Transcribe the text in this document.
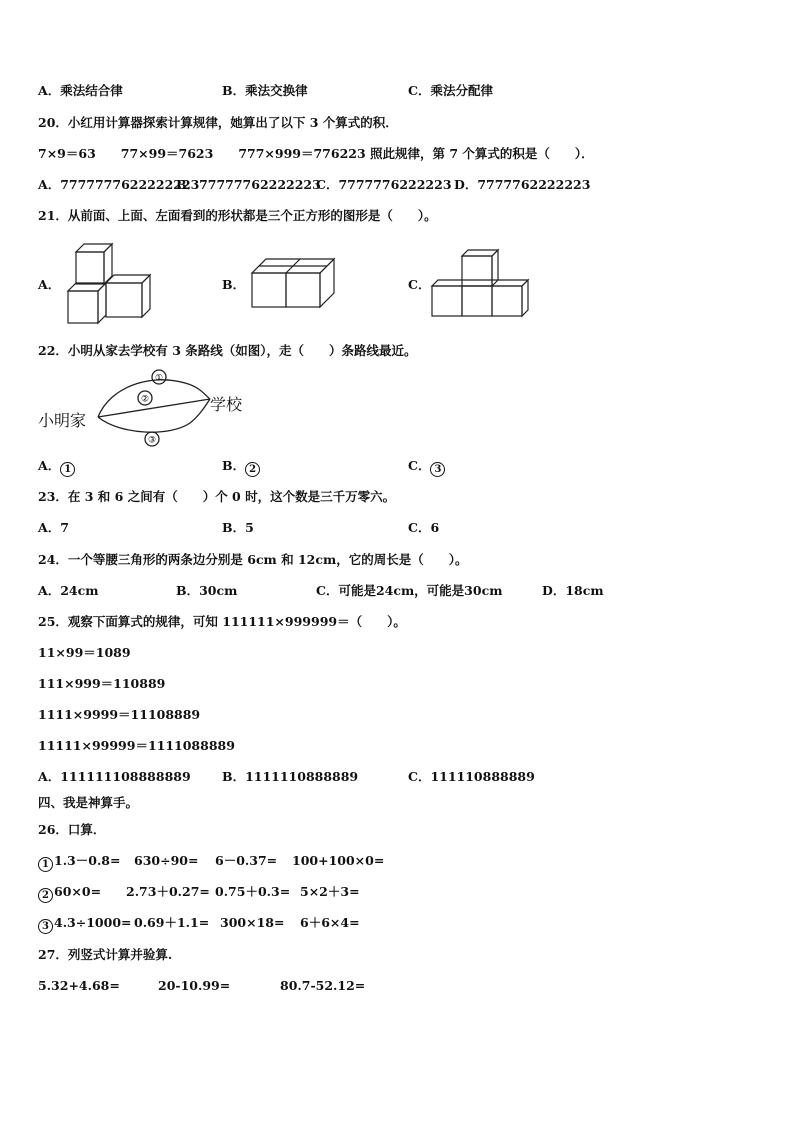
A．乘法结合律	B．乘法交换律	C．乘法分配律
20．小红用计算器探索计算规律，她算出了以下 3 个算式的积．
7×9＝63　　77×99＝7623　　777×999＝776223 照此规律，第 7 个算式的积是（　　）．
A．7777777622222223
B．77777762222223
C．7777776222223 D．7777762222223
21．从前面、上面、左面看到的形状都是三个正方形的图形是（　　）。
A．	B．	C．
22．小明从家去学校有 3 条路线（如图），走（　　）条路线最近。
①
②
③
小明家
学校
A． 1	B． 2	C． 3
23．在 3 和 6 之间有（　　）个 0 时，这个数是三千万零六。
A．7	B．5	C．6
24．一个等腰三角形的两条边分别是 6cm 和 12cm，它的周长是（　　）。
A．24cm	B．30cm	C．可能是24cm，可能是30cm	D．18cm
25．观察下面算式的规律，可知 111111×999999＝（　　）。
11×99＝1089
111×999＝110889
1111×9999＝11108889
11111×99999＝1111088889
A．111111108888889	B．1111110888889	C．111110888889
四、我是神算手。
26．口算．
1 1.3－0.8= 630÷90= 6－0.37= 100+100×0=
2 60×0= 2.73＋0.27= 0.75＋0.3= 5×2＋3=
3 4.3÷1000= 0.69＋1.1= 300×18= 6＋6×4=
27．列竖式计算并验算.
5.32+4.68=	20-10.99=	80.7-52.12=
